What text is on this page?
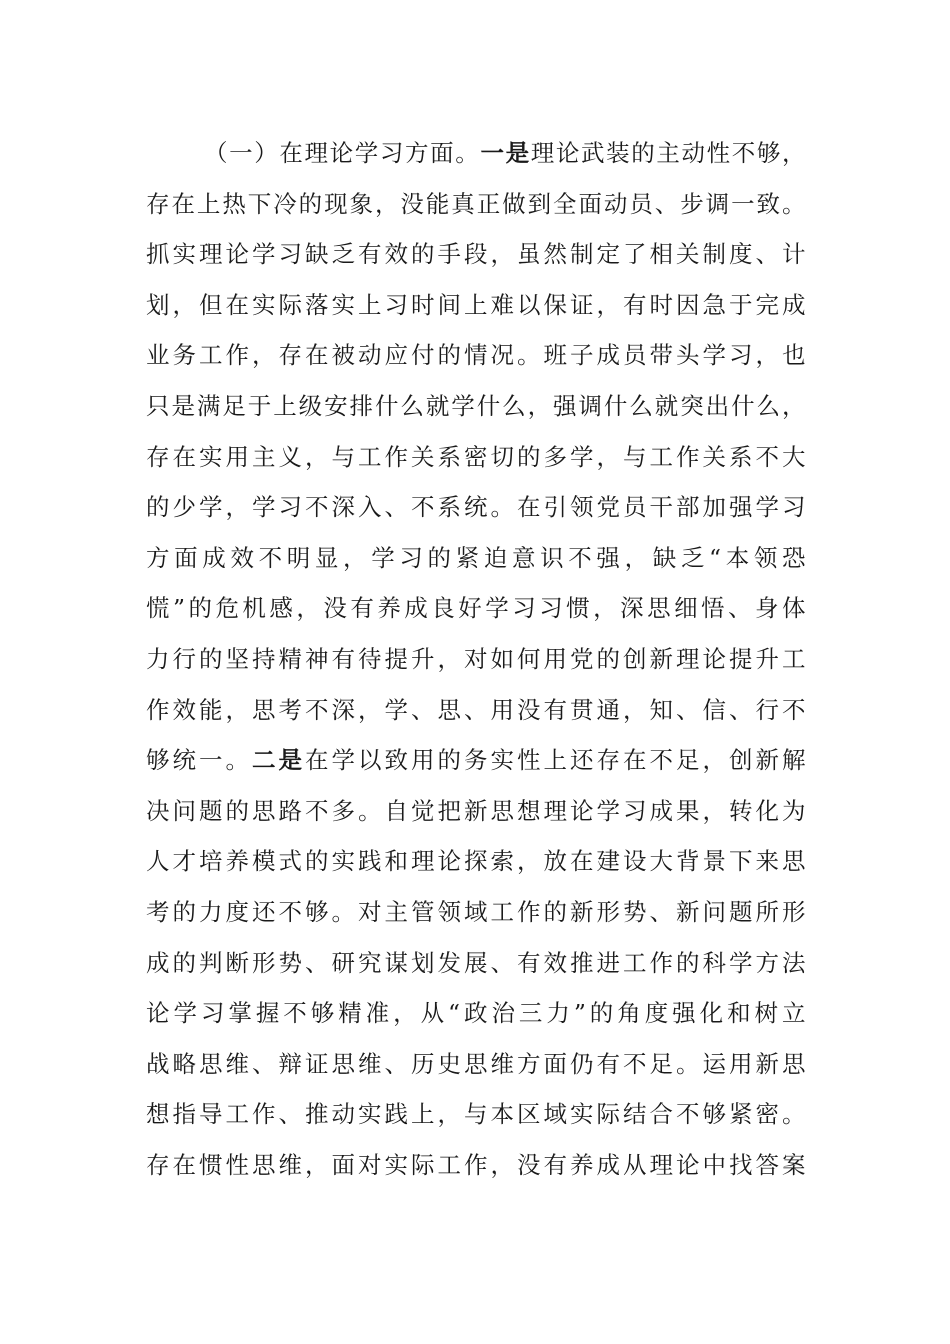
（一）在理论学习方面。一是理论武装的主动性不够，
存在上热下冷的现象，没能真正做到全面动员、步调一致。
抓实理论学习缺乏有效的手段，虽然制定了相关制度、计
划，但在实际落实上习时间上难以保证，有时因急于完成
业务工作，存在被动应付的情况。班子成员带头学习，也
只是满足于上级安排什么就学什么，强调什么就突出什么，
存在实用主义，与工作关系密切的多学，与工作关系不大
的少学，学习不深入、不系统。在引领党员干部加强学习
方面成效不明显，学习的紧迫意识不强，缺乏“本领恐
慌”的危机感，没有养成良好学习习惯，深思细悟、身体
力行的坚持精神有待提升，对如何用党的创新理论提升工
作效能，思考不深，学、思、用没有贯通，知、信、行不
够统一。二是在学以致用的务实性上还存在不足，创新解
决问题的思路不多。自觉把新思想理论学习成果，转化为
人才培养模式的实践和理论探索，放在建设大背景下来思
考的力度还不够。对主管领域工作的新形势、新问题所形
成的判断形势、研究谋划发展、有效推进工作的科学方法
论学习掌握不够精准，从“政治三力”的角度强化和树立
战略思维、辩证思维、历史思维方面仍有不足。运用新思
想指导工作、推动实践上，与本区域实际结合不够紧密。
存在惯性思维，面对实际工作，没有养成从理论中找答案
